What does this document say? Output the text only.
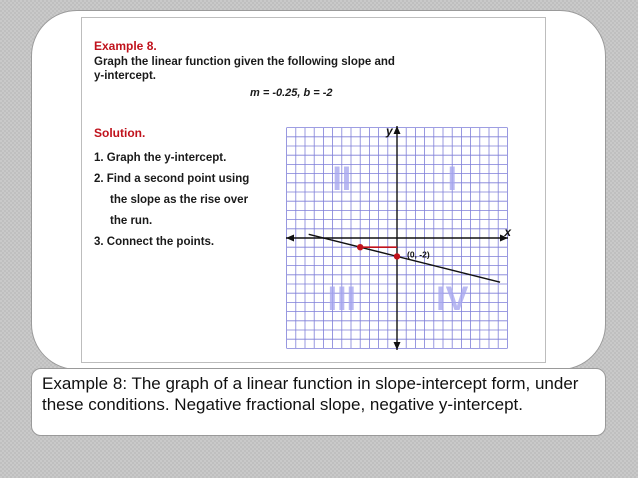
Example 8.
Graph the linear function given the following slope and
y-intercept.
m = -0.25, b = -2
Solution.
1. Graph the y-intercept.
2. Find a second point using
the slope as the rise over
the run.
3. Connect the points.
I
II
III IV
y
x
(0, -2)
Example 8: The graph of a linear function in slope-intercept form, under these conditions. Negative fractional slope, negative y-intercept.
